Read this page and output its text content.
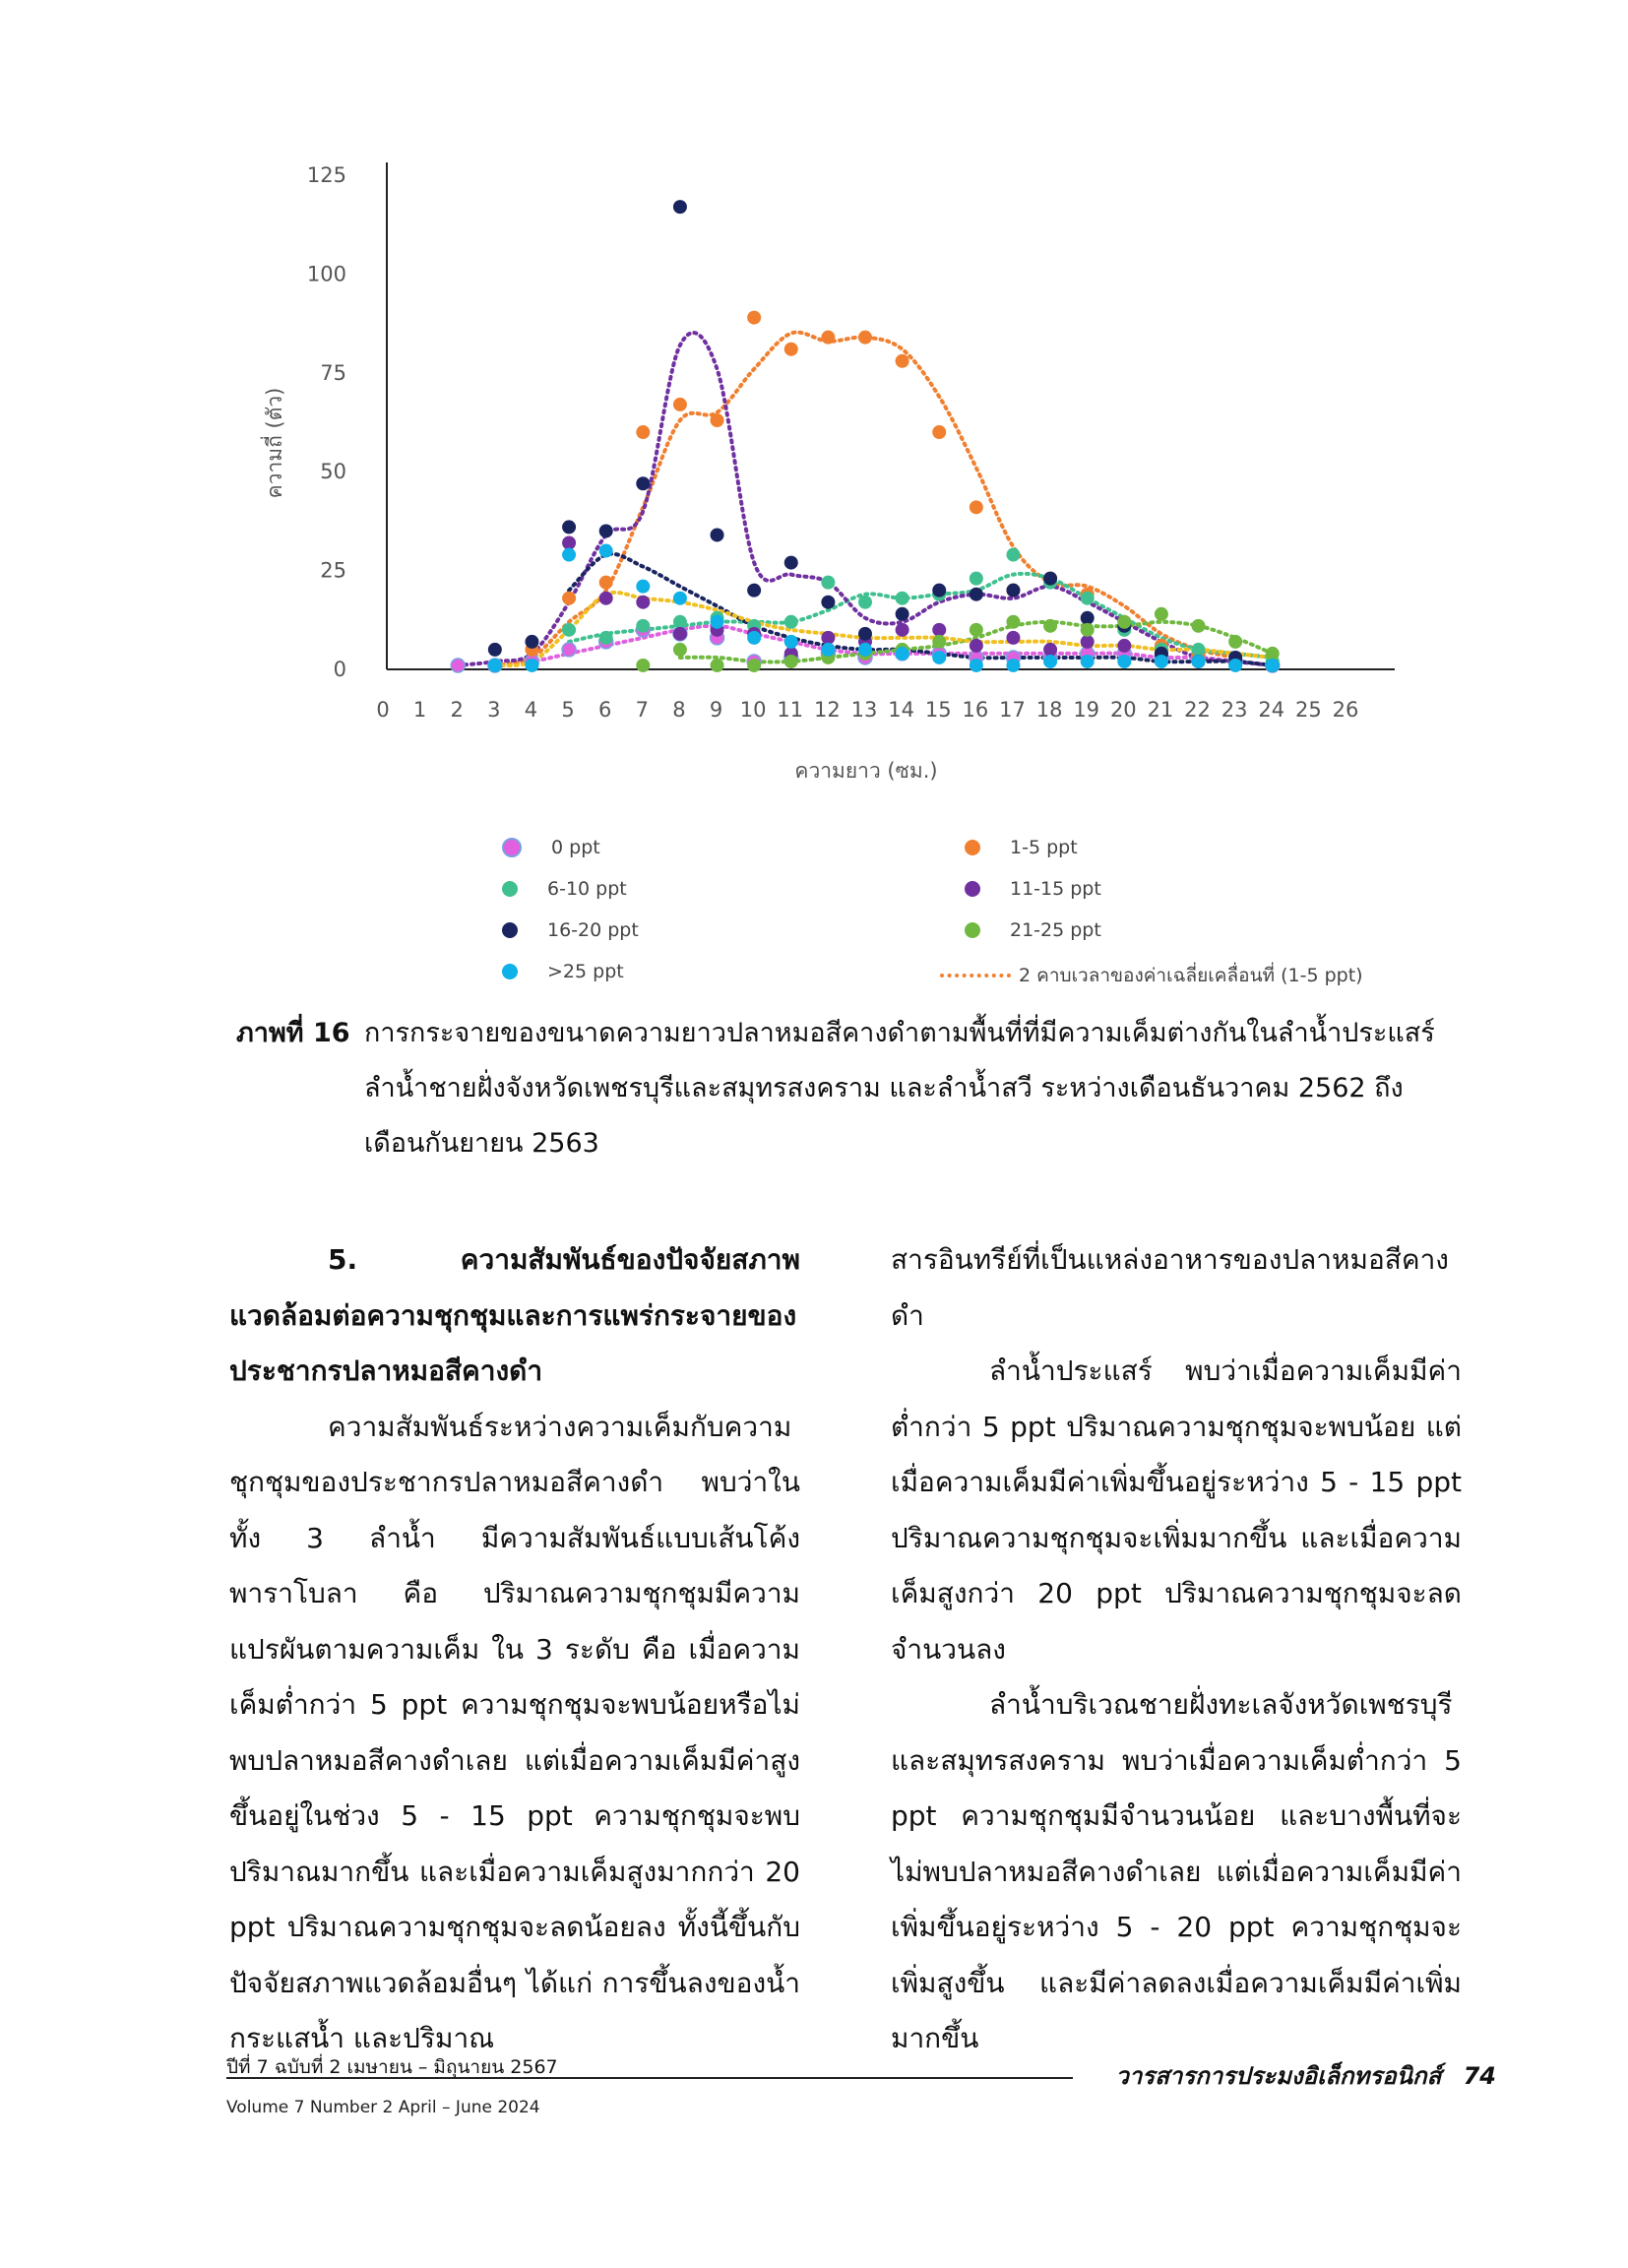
0
25
50
75
100
125
0 1 2 3 4 5 6 7 8 9 10 11 12 13 14 15 16 17 18 19 20 21 22 23 24 25 26
ความถี่ (ตัว)
ความยาว (ซม.)
0 ppt	1-5 ppt
6-10 ppt	11-15 ppt
16-20 ppt	21-25 ppt
>25 ppt	2 คาบเวลาของค่าเฉลี่ยเคลื่อนที่ (1-5 ppt)
ภาพที่ 16 การกระจายของขนาดความยาวปลาหมอสีคางดำตามพื้นที่ที่มีความเค็มต่างกันในลำน้ำประแสร์ ลำน้ำชายฝั่งจังหวัดเพชรบุรีและสมุทรสงคราม และลำน้ำสวี ระหว่างเดือนธันวาคม 2562 ถึงเดือนกันยายน 2563

5. ความสัมพันธ์ของปัจจัยสภาพแวดล้อมต่อความชุกชุมและการแพร่กระจายของประชากรปลาหมอสีคางดำ

ความสัมพันธ์ระหว่างความเค็มกับความชุกชุมของประชากรปลาหมอสีคางดำ พบว่าในทั้ง 3 ลำน้ำ มีความสัมพันธ์แบบเส้นโค้งพาราโบลา คือ ปริมาณความชุกชุมมีความแปรผันตามความเค็ม ใน 3 ระดับ คือ เมื่อความเค็มต่ำกว่า 5 ppt ความชุกชุมจะพบน้อยหรือไม่พบปลาหมอสีคางดำเลย แต่เมื่อความเค็มมีค่าสูงขึ้นอยู่ในช่วง 5 - 15 ppt ความชุกชุมจะพบปริมาณมากขึ้น และเมื่อความเค็มสูงมากกว่า 20 ppt ปริมาณความชุกชุมจะลดน้อยลง ทั้งนี้ขึ้นกับปัจจัยสภาพแวดล้อมอื่นๆ ได้แก่ การขึ้นลงของน้ำ กระแสน้ำ และปริมาณ

สารอินทรีย์ที่เป็นแหล่งอาหารของปลาหมอสีคางดำ

ลำน้ำประแสร์ พบว่าเมื่อความเค็มมีค่าต่ำกว่า 5 ppt ปริมาณความชุกชุมจะพบน้อย แต่เมื่อความเค็มมีค่าเพิ่มขึ้นอยู่ระหว่าง 5 - 15 ppt ปริมาณความชุกชุมจะเพิ่มมากขึ้น และเมื่อความเค็มสูงกว่า 20 ppt ปริมาณความชุกชุมจะลดจำนวนลง

ลำน้ำบริเวณชายฝั่งทะเลจังหวัดเพชรบุรีและสมุทรสงคราม พบว่าเมื่อความเค็มต่ำกว่า 5 ppt ความชุกชุมมีจำนวนน้อย และบางพื้นที่จะไม่พบปลาหมอสีคางดำเลย แต่เมื่อความเค็มมีค่าเพิ่มขึ้นอยู่ระหว่าง 5 - 20 ppt ความชุกชุมจะเพิ่มสูงขึ้น และมีค่าลดลงเมื่อความเค็มมีค่าเพิ่มมากขึ้น

ปีที่ 7 ฉบับที่ 2 เมษายน – มิถุนายน 2567
Volume 7 Number 2 April – June 2024
วารสารการประมงอิเล็กทรอนิกส์ 74
